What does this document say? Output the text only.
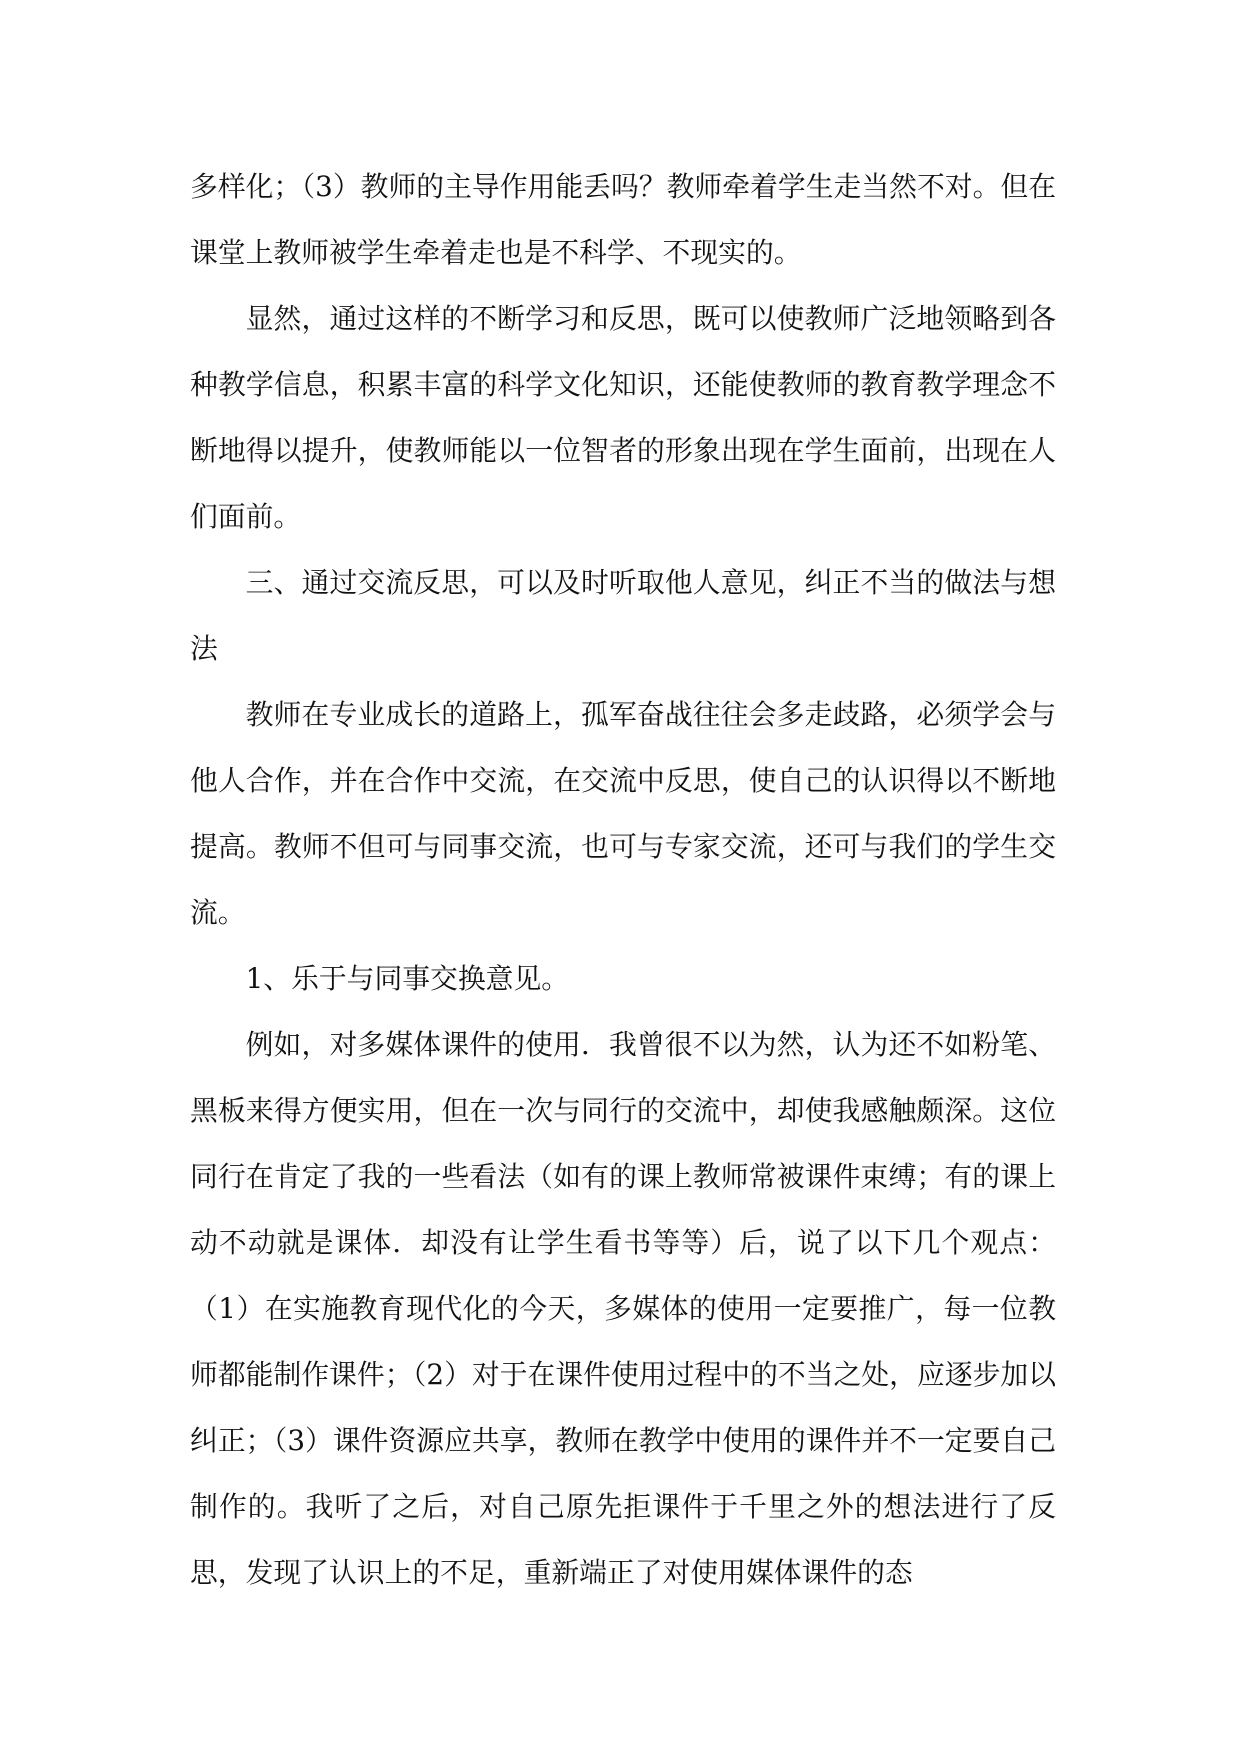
多样化；（3）教师的主导作用能丢吗？教师牵着学生走当然不对。但在课堂上教师被学生牵着走也是不科学、不现实的。

显然，通过这样的不断学习和反思，既可以使教师广泛地领略到各种教学信息，积累丰富的科学文化知识，还能使教师的教育教学理念不断地得以提升，使教师能以一位智者的形象出现在学生面前，出现在人们面前。

三、通过交流反思，可以及时听取他人意见，纠正不当的做法与想法

教师在专业成长的道路上，孤军奋战往往会多走歧路，必须学会与他人合作，并在合作中交流，在交流中反思，使自己的认识得以不断地提高。教师不但可与同事交流，也可与专家交流，还可与我们的学生交流。

1、乐于与同事交换意见。

例如，对多媒体课件的使用．我曾很不以为然，认为还不如粉笔、黑板来得方便实用，但在一次与同行的交流中，却使我感触颇深。这位同行在肯定了我的一些看法（如有的课上教师常被课件束缚；有的课上动不动就是课体．却没有让学生看书等等）后，说了以下几个观点：（1）在实施教育现代化的今天，多媒体的使用一定要推广，每一位教师都能制作课件；（2）对于在课件使用过程中的不当之处，应逐步加以纠正；（3）课件资源应共享，教师在教学中使用的课件并不一定要自己制作的。我听了之后，对自己原先拒课件于千里之外的想法进行了反思，发现了认识上的不足，重新端正了对使用媒体课件的态
